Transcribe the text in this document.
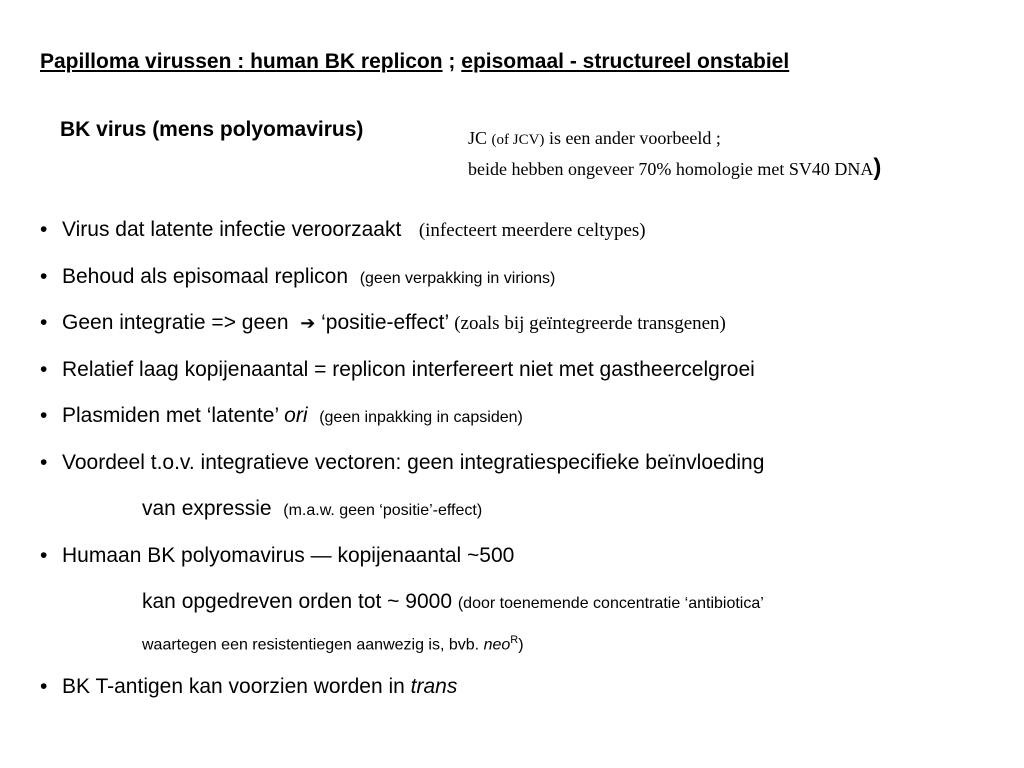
Papilloma virussen : human BK replicon ; episomaal - structureel onstabiel
BK virus (mens polyomavirus)	JC (of JCV) is een ander voorbeeld ;
beide hebben ongeveer 70% homologie met SV40 DNA)
• Virus dat latente infectie veroorzaakt (infecteert meerdere celtypes)
• Behoud als episomaal replicon (geen verpakking in virions)
• Geen integratie => geen ➔ ‘positie-effect’ (zoals bij geïntegreerde transgenen)
• Relatief laag kopijenaantal = replicon interfereert niet met gastheercelgroei
• Plasmiden met ‘latente’ ori (geen inpakking in capsiden)
• Voordeel t.o.v. integratieve vectoren: geen integratiespecifieke beïnvloeding
van expressie (m.a.w. geen ‘positie’-effect)
• Humaan BK polyomavirus — kopijenaantal ~500
kan opgedreven orden tot ~ 9000 (door toenemende concentratie ‘antibiotica’
waartegen een resistentiegen aanwezig is, bvb. neo$^R$)
• BK T-antigen kan voorzien worden in trans
